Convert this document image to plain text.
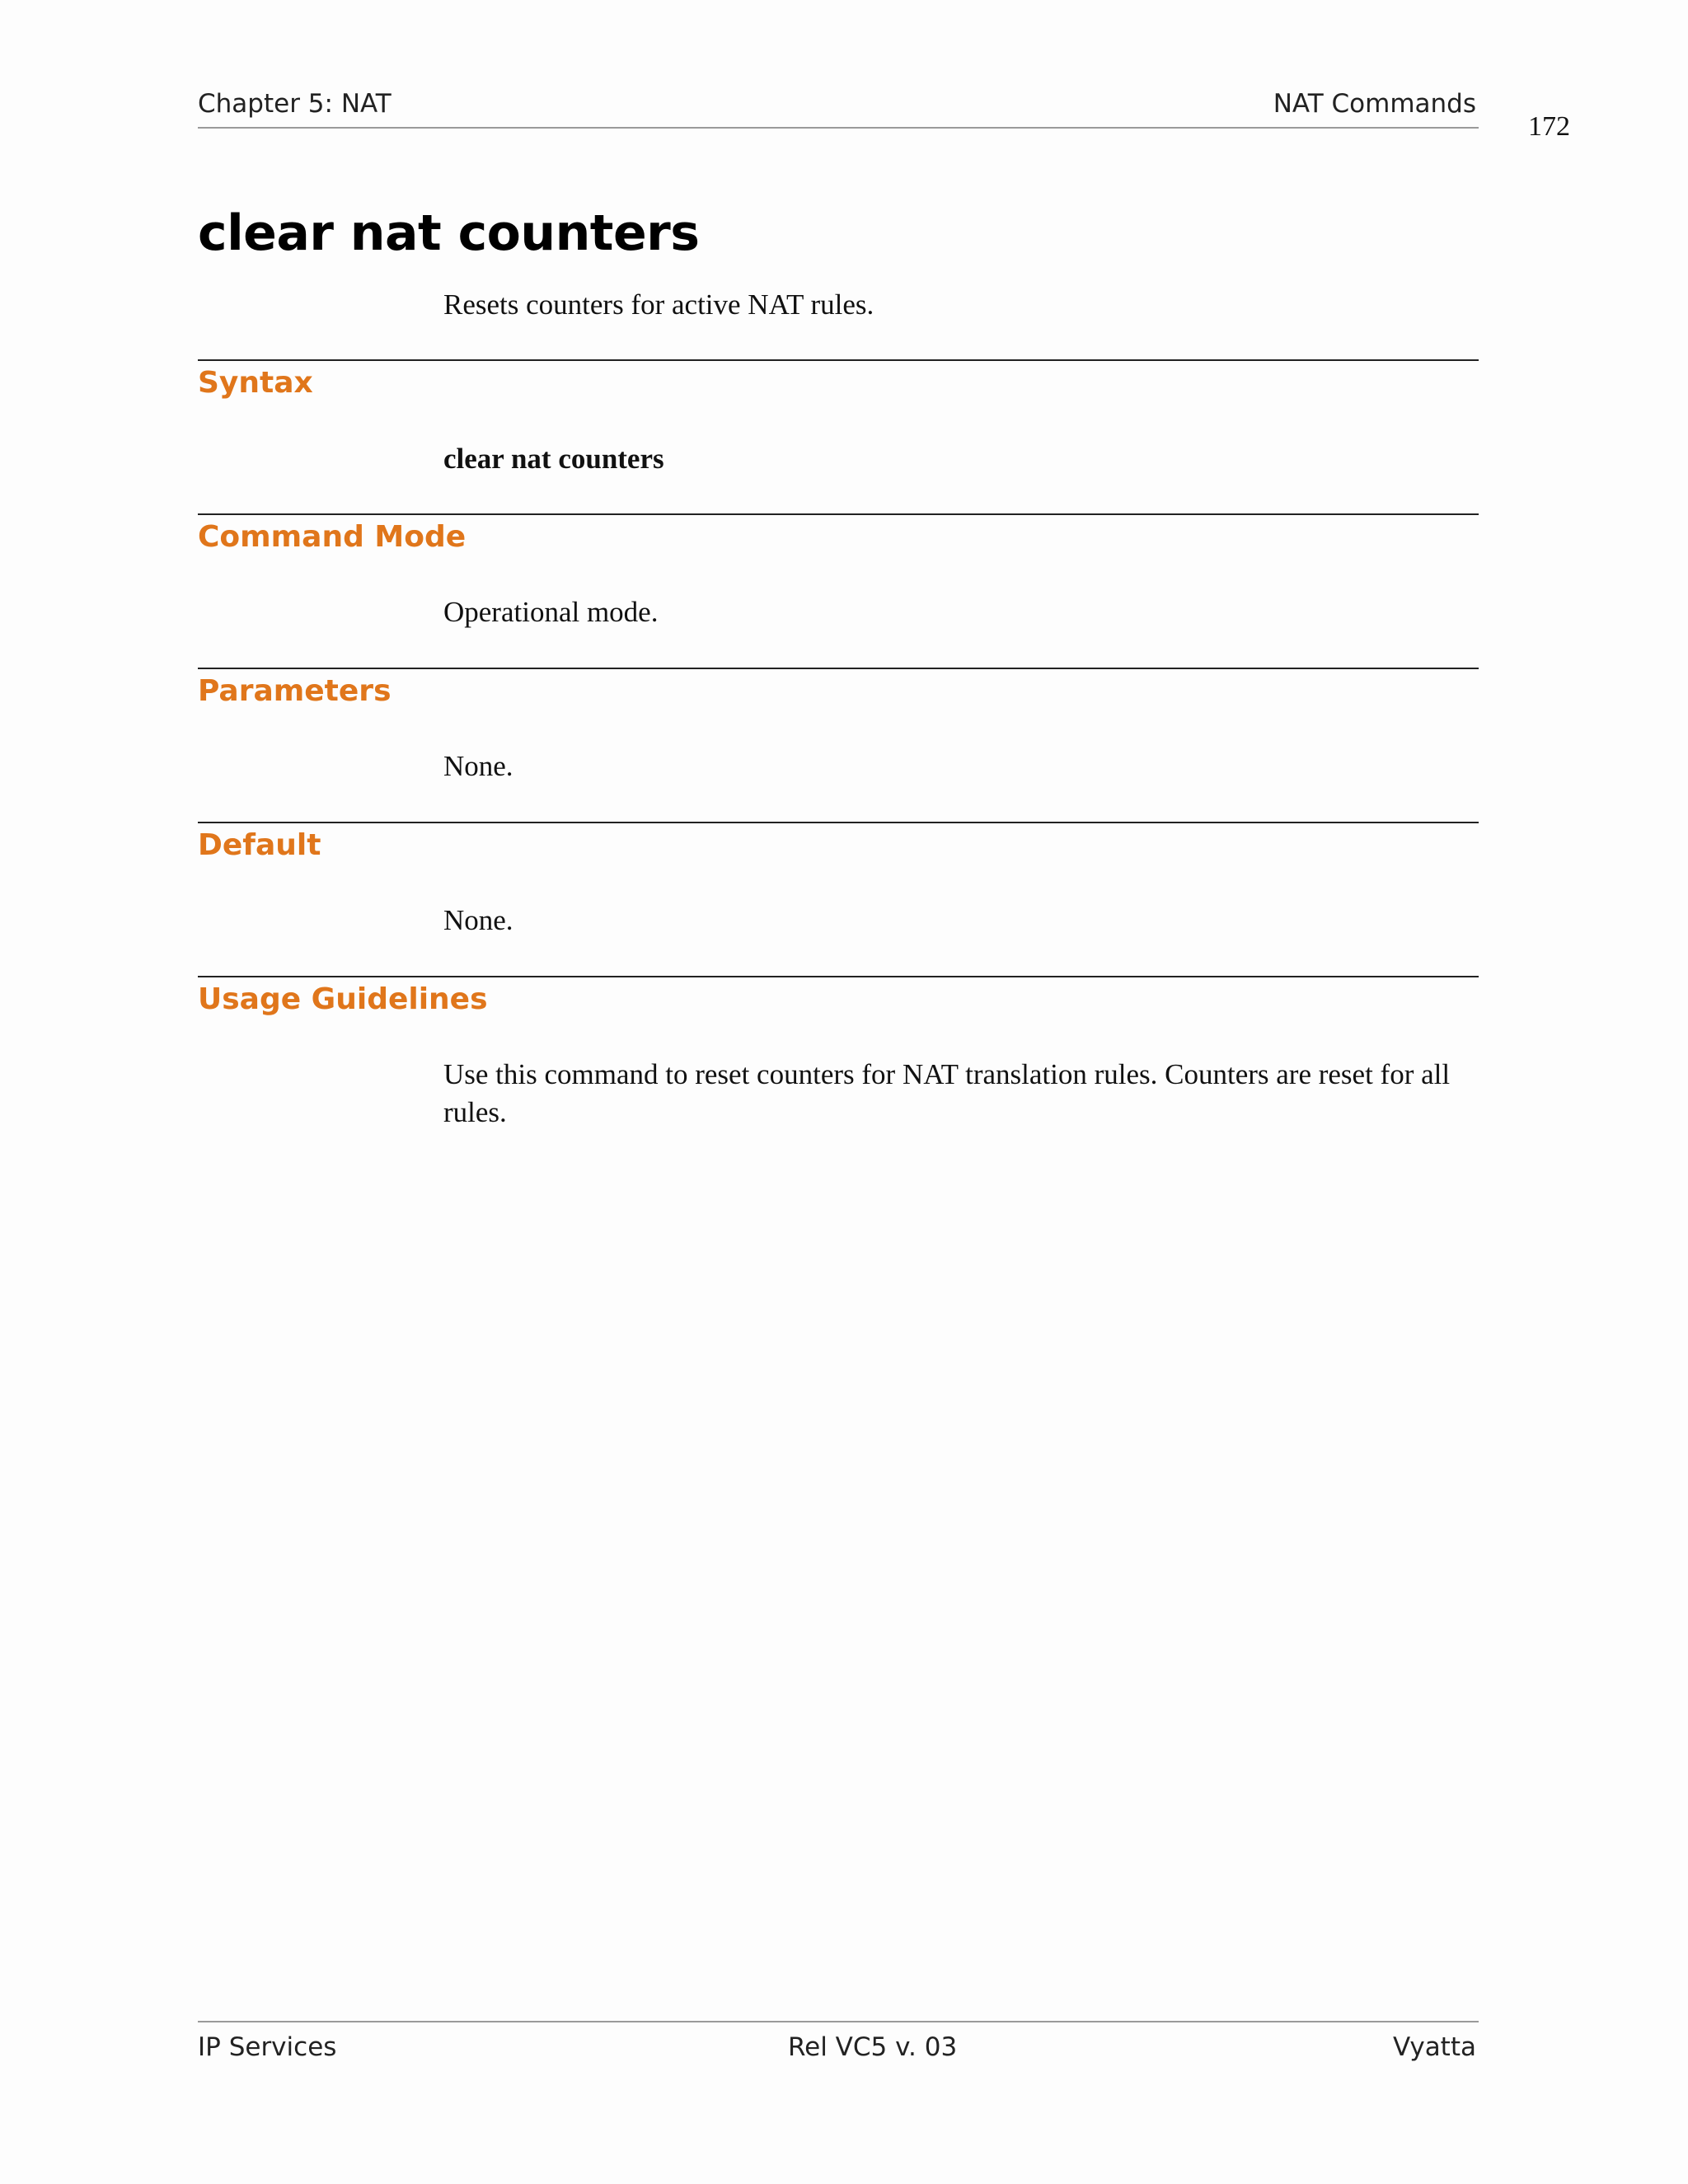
Chapter 5: NAT	NAT Commands
172
clear nat counters
Resets counters for active NAT rules.
Syntax
clear nat counters
Command Mode
Operational mode.
Parameters
None.
Default
None.
Usage Guidelines
Use this command to reset counters for NAT translation rules. Counters are reset for all rules.
IP Services	Rel VC5 v. 03	Vyatta
